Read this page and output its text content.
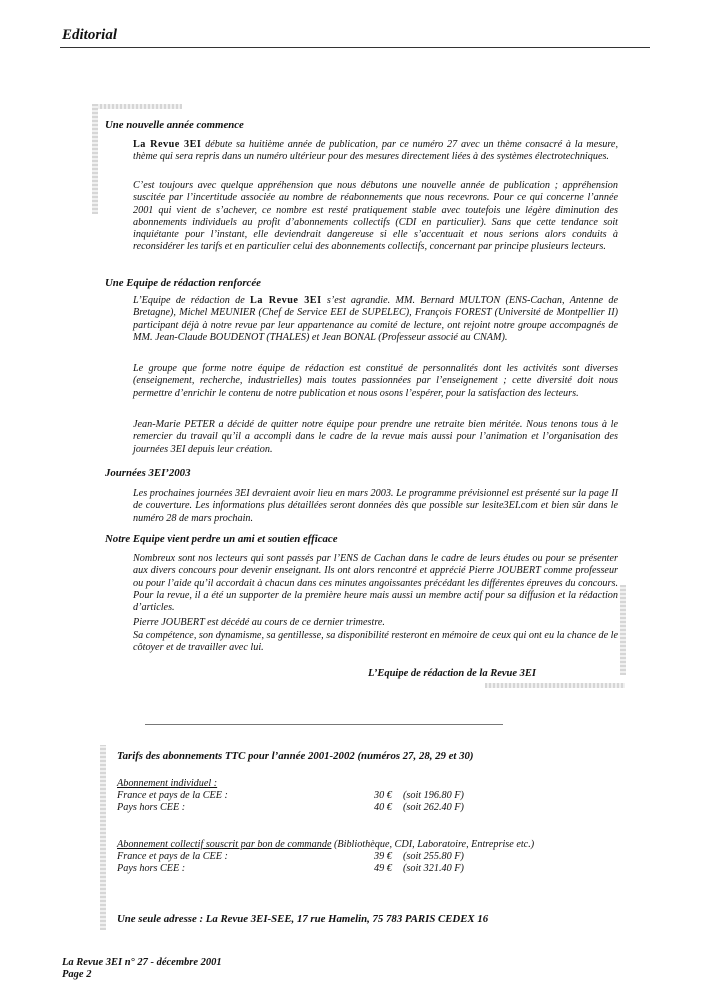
Editorial
Une nouvelle année commence
La Revue 3EI débute sa huitième année de publication, par ce numéro 27 avec un thème consacré à la mesure, thème qui sera repris dans un numéro ultérieur pour des mesures directement liées à des systèmes électrotechniques.
C’est toujours avec quelque appréhension que nous débutons une nouvelle année de publication ; appréhension suscitée par l’incertitude associée au nombre de réabonnements que nous recevrons. Pour ce qui concerne l’année 2001 qui vient de s’achever, ce nombre est resté pratiquement stable avec toutefois une légère diminution des abonnements individuels au profit d’abonnements collectifs (CDI en particulier). Sans que cette tendance soit inquiétante pour l’instant, elle deviendrait dangereuse si elle s’accentuait et nous serions alors conduits à reconsidérer les tarifs et en particulier celui des abonnements collectifs, concernant par principe plusieurs lecteurs.
Une Equipe de rédaction renforcée
L’Equipe de rédaction de La Revue 3EI s’est agrandie. MM. Bernard MULTON (ENS-Cachan, Antenne de Bretagne), Michel MEUNIER (Chef de Service EEI de SUPELEC), François FOREST (Université de Montpellier II) participant déjà à notre revue par leur appartenance au comité de lecture, ont rejoint notre groupe accompagnés de MM. Jean-Claude BOUDENOT (THALES) et Jean BONAL (Professeur associé au CNAM).
Le groupe que forme notre équipe de rédaction est constitué de personnalités dont les activités sont diverses (enseignement, recherche, industrielles) mais toutes passionnées par l’enseignement ; cette diversité doit nous permettre d’enrichir le contenu de notre publication et nous osons l’espérer, pour la satisfaction des lecteurs.
Jean-Marie PETER a décidé de quitter notre équipe pour prendre une retraite bien méritée. Nous tenons tous à le remercier du travail qu’il a accompli dans le cadre de la revue mais aussi pour l’animation et l’organisation des journées 3EI depuis leur création.
Journées 3EI’2003
Les prochaines journées 3EI devraient avoir lieu en mars 2003. Le programme prévisionnel est présenté sur la page II de couverture. Les informations plus détaillées seront données dès que possible sur lesite3EI.com et bien sûr dans le numéro 28 de mars prochain.
Notre Equipe vient perdre un ami et soutien efficace
Nombreux sont nos lecteurs qui sont passés par l’ENS de Cachan dans le cadre de leurs études ou pour se présenter aux divers concours pour devenir enseignant. Ils ont alors rencontré et apprécié Pierre JOUBERT comme professeur ou pour l’aide qu’il accordait à chacun dans ces minutes angoissantes précédant les différentes épreuves du concours. Pour la revue, il a été un supporter de la première heure mais aussi un membre actif pour sa diffusion et la rédaction d’articles.
Pierre JOUBERT est décédé au cours de ce dernier trimestre.
Sa compétence, son dynamisme, sa gentillesse, sa disponibilité resteront en mémoire de ceux qui ont eu la chance de le côtoyer et de travailler avec lui.
L’Equipe de rédaction de la Revue 3EI
Tarifs des abonnements TTC pour l’année 2001-2002 (numéros 27, 28, 29 et 30)
Abonnement individuel :
France et pays de la CEE :	30 € (soit 196.80 F)
Pays hors CEE :	40 € (soit 262.40 F)
Abonnement collectif souscrit par bon de commande (Bibliothèque, CDI, Laboratoire, Entreprise etc.)
France et pays de la CEE :	39 € (soit 255.80 F)
Pays hors CEE :	49 € (soit 321.40 F)
Une seule adresse : La Revue 3EI-SEE, 17 rue Hamelin, 75 783 PARIS CEDEX 16
La Revue 3EI n° 27 - décembre 2001
Page 2
